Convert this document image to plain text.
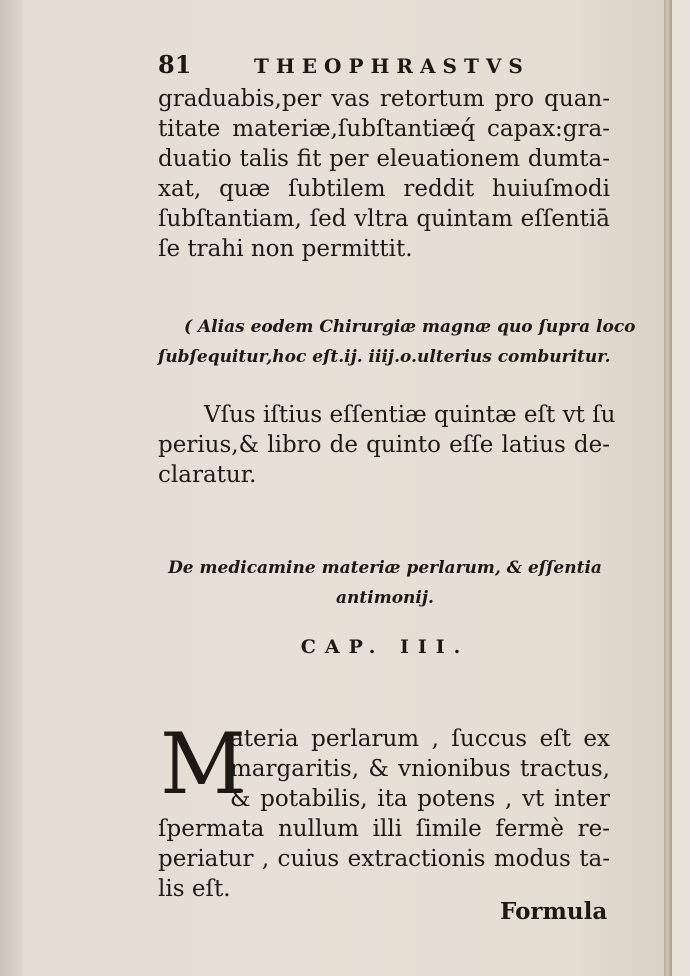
81	THEOPHRASTVS
graduabis,per vas retortum pro quan-
titate materiæ,ſubſtantiæq́ capax:gra-
duatio talis fit per eleuationem dumta-
xat, quæ ſubtilem reddit huiuſmodi
ſubſtantiam, ſed vltra quintam eſſentiā
ſe trahi non permittit.
( Alias eodem Chirurgiæ magnæ quo ſupra loco
ſubſequitur,hoc eſt.ij. iiij.o.ulterius comburitur.
Vſus iſtius eſſentiæ quintæ eſt vt ſu
perius,& libro de quinto eſſe latius de-
claratur.
De medicamine materiæ perlarum, & eſſentia
antimonij.
CAP. III.
M
ateria perlarum , ſuccus eſt ex
margaritis, & vnionibus tractus,
& potabilis, ita potens , vt inter
ſpermata nullum illi ſimile fermè re-
periatur , cuius extractionis modus ta-
lis eſt.
Formula
